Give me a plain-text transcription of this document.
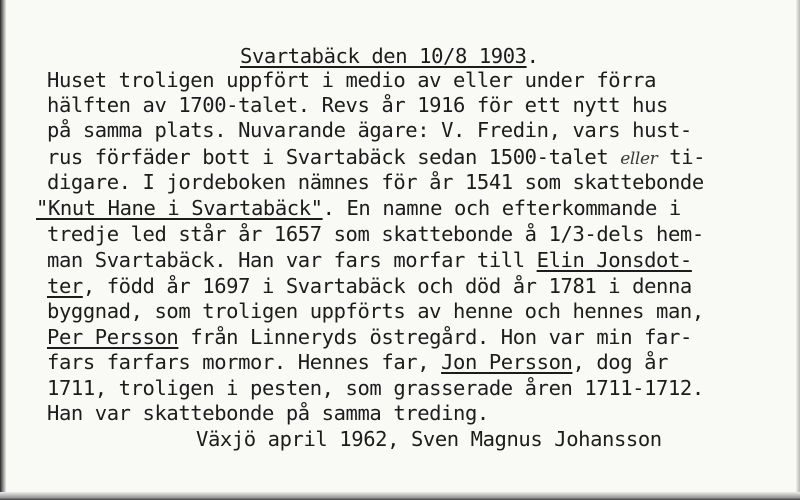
Svartabäck den 10/8 1903.

Huset troligen uppfört i medio av eller under förra

hälften av 1700-talet. Revs år 1916 för ett nytt hus

på samma plats. Nuvarande ägare: V. Fredin, vars hust-

rus förfäder bott i Svartabäck sedan 1500-talet eller ti-

digare. I jordeboken nämnes för år 1541 som skattebonde

"Knut Hane i Svartabäck". En namne och efterkommande i

tredje led står år 1657 som skattebonde å 1/3-dels hem-

man Svartabäck. Han var fars morfar till Elin Jonsdot-

ter, född år 1697 i Svartabäck och död år 1781 i denna

byggnad, som troligen uppförts av henne och hennes man,

Per Persson från Linneryds östregård. Hon var min far-

fars farfars mormor. Hennes far, Jon Persson, dog år

1711, troligen i pesten, som grasserade åren 1711-1712.

Han var skattebonde på samma treding.

Växjö april 1962, Sven Magnus Johansson
